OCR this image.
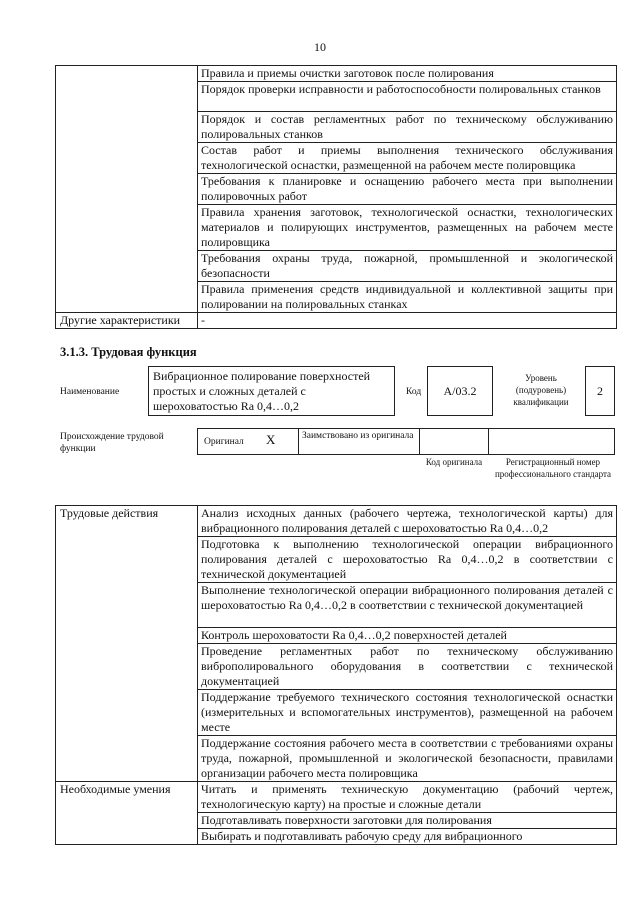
10
	Правила и приемы очистки заготовок после полирования
	Порядок проверки исправности и работоспособности полировальных станков
	Порядок и состав регламентных работ по техническому обслуживанию полировальных станков
	Состав работ и приемы выполнения технического обслуживания технологической оснастки, размещенной на рабочем месте полировщика
	Требования к планировке и оснащению рабочего места при выполнении полировочных работ
	Правила хранения заготовок, технологической оснастки, технологических материалов и полирующих инструментов, размещенных на рабочем месте полировщика
	Требования охраны труда, пожарной, промышленной и экологической безопасности
	Правила применения средств индивидуальной и коллективной защиты при полировании на полировальных станках
Другие характеристики	-
3.1.3. Трудовая функция
Наименование
Вибрационное полирование поверхностей простых и сложных деталей с шероховатостью Ra 0,4…0,2
Код	A/03.2
Уровень (подуровень) квалификации
2
Происхождение трудовой функции
Оригинал X	Заимствовано из оригинала
Код оригинала	Регистрационный номер профессионального стандарта
Трудовые действия	Анализ исходных данных (рабочего чертежа, технологической карты) для вибрационного полирования деталей с шероховатостью Ra 0,4…0,2
	Подготовка к выполнению технологической операции вибрационного полирования деталей с шероховатостью Ra 0,4…0,2 в соответствии с технической документацией
	Выполнение технологической операции вибрационного полирования деталей с шероховатостью Ra 0,4…0,2 в соответствии с технической документацией
	Контроль шероховатости Ra 0,4…0,2 поверхностей деталей
	Проведение регламентных работ по техническому обслуживанию виброполировального оборудования в соответствии с технической документацией
	Поддержание требуемого технического состояния технологической оснастки (измерительных и вспомогательных инструментов), размещенной на рабочем месте
	Поддержание состояния рабочего места в соответствии с требованиями охраны труда, пожарной, промышленной и экологической безопасности, правилами организации рабочего места полировщика
Необходимые умения	Читать и применять техническую документацию (рабочий чертеж, технологическую карту) на простые и сложные детали
	Подготавливать поверхности заготовки для полирования
	Выбирать и подготавливать рабочую среду для вибрационного
